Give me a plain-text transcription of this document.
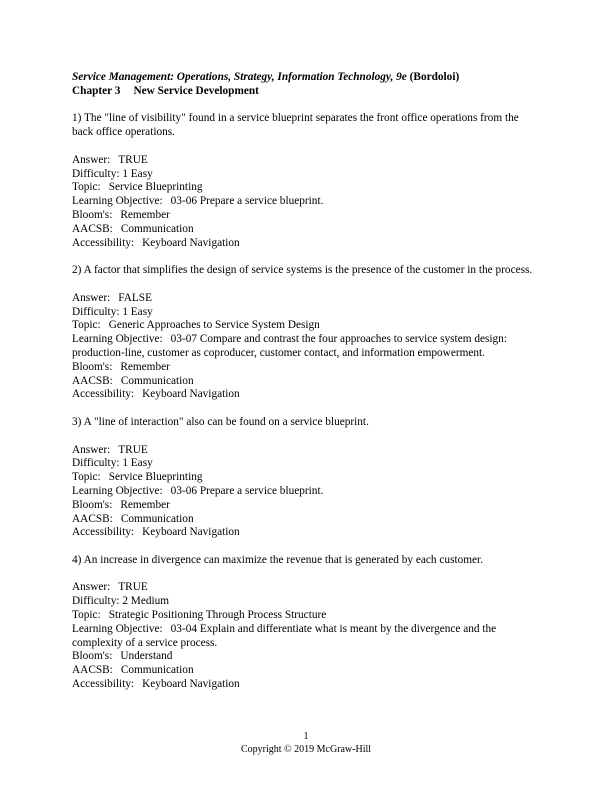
Service Management: Operations, Strategy, Information Technology, 9e (Bordoloi)

Chapter 3 New Service Development

1) The "line of visibility" found in a service blueprint separates the front office operations from the back office operations.

Answer: TRUE

Difficulty: 1 Easy

Topic: Service Blueprinting

Learning Objective: 03-06 Prepare a service blueprint.

Bloom's: Remember

AACSB: Communication

Accessibility: Keyboard Navigation

2) A factor that simplifies the design of service systems is the presence of the customer in the process.

Answer: FALSE

Difficulty: 1 Easy

Topic: Generic Approaches to Service System Design

Learning Objective: 03-07 Compare and contrast the four approaches to service system design: production-line, customer as coproducer, customer contact, and information empowerment.

Bloom's: Remember

AACSB: Communication

Accessibility: Keyboard Navigation

3) A "line of interaction" also can be found on a service blueprint.

Answer: TRUE

Difficulty: 1 Easy

Topic: Service Blueprinting

Learning Objective: 03-06 Prepare a service blueprint.

Bloom's: Remember

AACSB: Communication

Accessibility: Keyboard Navigation

4) An increase in divergence can maximize the revenue that is generated by each customer.

Answer: TRUE

Difficulty: 2 Medium

Topic: Strategic Positioning Through Process Structure

Learning Objective: 03-04 Explain and differentiate what is meant by the divergence and the complexity of a service process.

Bloom's: Understand

AACSB: Communication

Accessibility: Keyboard Navigation

1
Copyright © 2019 McGraw-Hill
